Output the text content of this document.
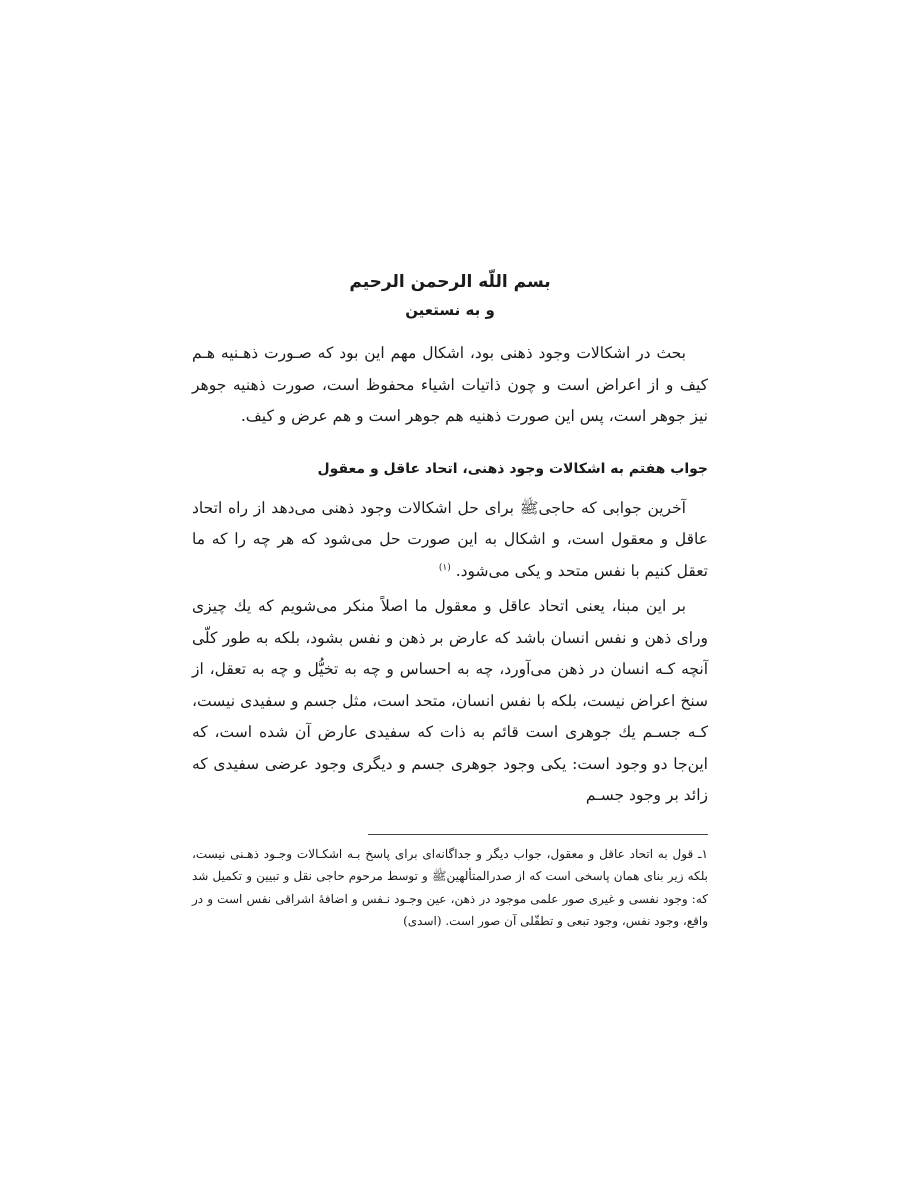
بسم اللّه الرحمن الرحيم

و به نستعين

بحث در اشكالات وجود ذهنى بود، اشكال مهم اين بود كه صـورت ذهـنيه هـم كيف و از اعراض است و چون ذاتيات اشياء محفوظ است، صورت ذهنيه جوهر نيز جوهر است، پس اين صورت ذهنيه هم جوهر است و هم عرض و كيف.

جواب هفتم به اشكالات وجود ذهنى، اتحاد عاقل و معقول

آخرين جوابى كه حاجى‌ﷺ براى حل اشكالات وجود ذهنى مى‌دهد از راه اتحاد عاقل و معقول است، و اشكال به اين صورت حل مى‌شود كه هر چه را كه ما تعقل كنيم با نفس متحد و يكى مى‌شود. $^{(۱)}$

بر اين مبنا، يعنى اتحاد عاقل و معقول ما اصلاً منكر مى‌شويم كه يك چيزى وراى ذهن و نفس انسان باشد كه عارض بر ذهن و نفس بشود، بلكه به طور كلّى آنچه كـه انسان در ذهن مى‌آورد، چه به احساس و چه به تخيُّل و چه به تعقل، از سنخ اعراض نيست، بلكه با نفس انسان، متحد است، مثل جسم و سفيدى نيست، كـه جسـم يك جوهرى است قائم به ذات كه سفيدى عارض آن شده است، كه اين‌جا دو وجود است: يكى وجود جوهرى جسم و ديگرى وجود عرضى سفيدى كه زائد بر وجود جسـم

۱ـ قول به اتحاد عاقل و معقول، جواب ديگر و جداگانه‌اى براى پاسخ بـه اشكـالات وجـود ذهـنى نيست، بلكه زير بناى همان پاسخى است كه از صدرالمتألهين‌ﷺ و توسط مرحوم حاجى نقل و تبيين و تكميل شد كه: وجود نفسى و غيرى صور علمى موجود در ذهن، عين وجـود نـفس و اضافهٔ اشراقى نفس است و در واقع، وجود نفس، وجود تبعى و تطفّلى آن صور است. (اسدى)
